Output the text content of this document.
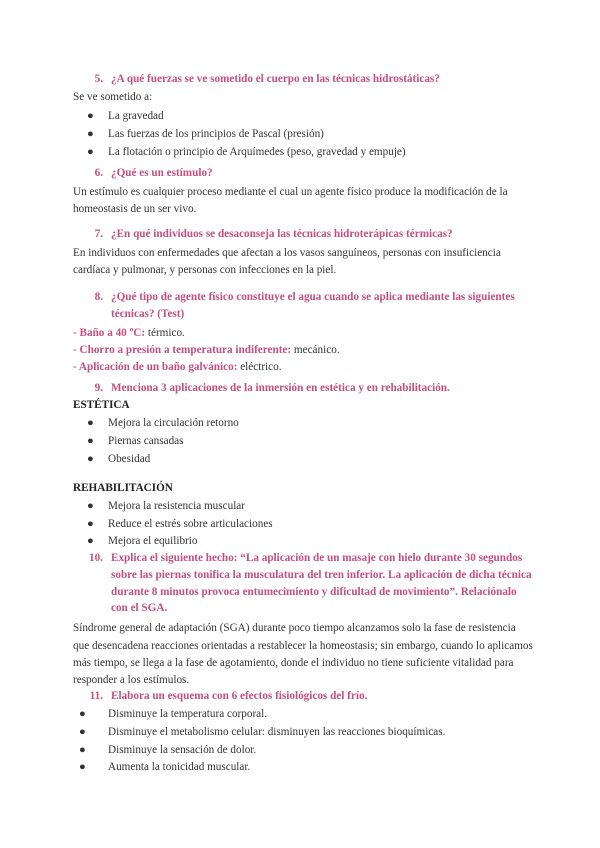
5. ¿A qué fuerzas se ve sometido el cuerpo en las técnicas hidrostáticas?
Se ve sometido a:
●	La gravedad
●	Las fuerzas de los principios de Pascal (presión)
●	La flotación o principio de Arquímedes (peso, gravedad y empuje)
6. ¿Qué es un estímulo?
Un estímulo es cualquier proceso mediante el cual un agente físico produce la modificación de la homeostasis de un ser vivo.
7. ¿En qué individuos se desaconseja las técnicas hidroterápicas térmicas?
En individuos con enfermedades que afectan a los vasos sanguíneos, personas con insuficiencia cardíaca y pulmonar, y personas con infecciones en la piel.
8. ¿Qué tipo de agente físico constituye el agua cuando se aplica mediante las siguientes técnicas? (Test)
- Baño a 40 ºC: térmico.
- Chorro a presión a temperatura indiferente: mecánico.
- Aplicación de un baño galvánico: eléctrico.
9. Menciona 3 aplicaciones de la inmersión en estética y en rehabilitación.
ESTÉTICA
●	Mejora la circulación retorno
●	Piernas cansadas
●	Obesidad
REHABILITACIÓN
●	Mejora la resistencia muscular
●	Reduce el estrés sobre articulaciones
●	Mejora el equilibrio
10. Explica el siguiente hecho: “La aplicación de un masaje con hielo durante 30 segundos sobre las piernas tonifica la musculatura del tren inferior. La aplicación de dicha técnica durante 8 minutos provoca entumecimiento y dificultad de movimiento”. Relaciónalo con el SGA.
Síndrome general de adaptación (SGA) durante poco tiempo alcanzamos solo la fase de resistencia que desencadena reacciones orientadas a restablecer la homeostasis; sin embargo, cuando lo aplicamos más tiempo, se llega a la fase de agotamiento, donde el individuo no tiene suficiente vitalidad para responder a los estímulos.
11. Elabora un esquema con 6 efectos fisiológicos del frío.
●	Disminuye la temperatura corporal.
●	Disminuye el metabolismo celular: disminuyen las reacciones bioquímicas.
●	Disminuye la sensación de dolor.
●	Aumenta la tonicidad muscular.
